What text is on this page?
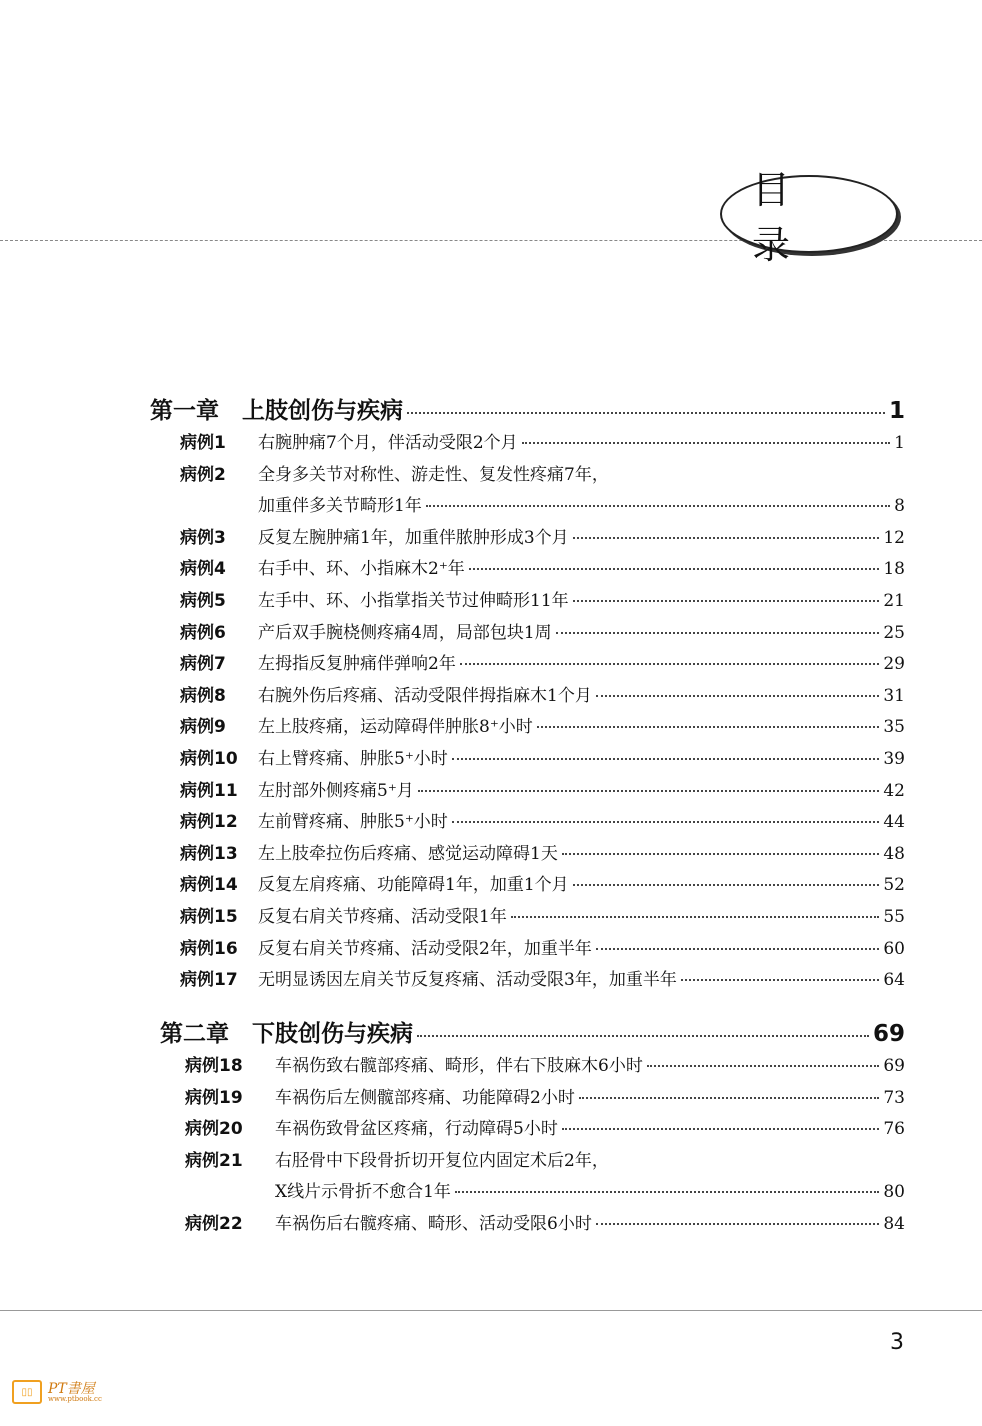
目 录
第一章	上肢创伤与疾病	1
病例1	右腕肿痛7个月，伴活动受限2个月	1
病例2	全身多关节对称性、游走性、复发性疼痛7年，
加重伴多关节畸形1年	8
病例3	反复左腕肿痛1年，加重伴脓肿形成3个月	12
病例4	右手中、环、小指麻木2⁺年	18
病例5	左手中、环、小指掌指关节过伸畸形11年	21
病例6	产后双手腕桡侧疼痛4周，局部包块1周	25
病例7	左拇指反复肿痛伴弹响2年	29
病例8	右腕外伤后疼痛、活动受限伴拇指麻木1个月	31
病例9	左上肢疼痛，运动障碍伴肿胀8⁺小时	35
病例10	右上臂疼痛、肿胀5⁺小时	39
病例11	左肘部外侧疼痛5⁺月	42
病例12	左前臂疼痛、肿胀5⁺小时	44
病例13	左上肢牵拉伤后疼痛、感觉运动障碍1天	48
病例14	反复左肩疼痛、功能障碍1年，加重1个月	52
病例15	反复右肩关节疼痛、活动受限1年	55
病例16	反复右肩关节疼痛、活动受限2年，加重半年	60
病例17	无明显诱因左肩关节反复疼痛、活动受限3年，加重半年	64
第二章	下肢创伤与疾病	69
病例18	车祸伤致右髋部疼痛、畸形，伴右下肢麻木6小时	69
病例19	车祸伤后左侧髋部疼痛、功能障碍2小时	73
病例20	车祸伤致骨盆区疼痛，行动障碍5小时	76
病例21	右胫骨中下段骨折切开复位内固定术后2年，
X线片示骨折不愈合1年	80
病例22	车祸伤后右髋疼痛、畸形、活动受限6小时	84
3
▯▯	PT書屋
www.ptbook.cc
